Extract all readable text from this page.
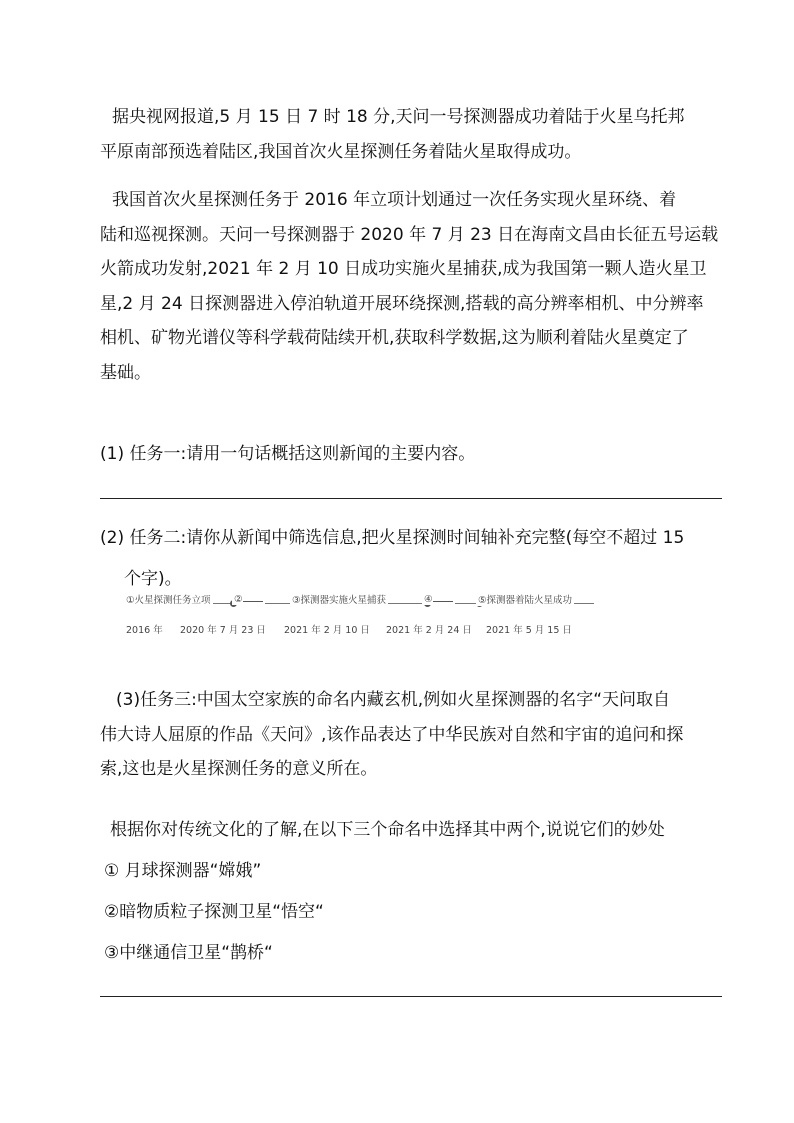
据央视网报道,5 月 15 日 7 时 18 分,天问一号探测器成功着陆于火星乌托邦
平原南部预选着陆区,我国首次火星探测任务着陆火星取得成功。
我国首次火星探测任务于 2016 年立项计划通过一次任务实现火星环绕、着
陆和巡视探测。天问一号探测器于 2020 年 7 月 23 日在海南文昌由长征五号运载
火箭成功发射,2021 年 2 月 10 日成功实施火星捕获,成为我国第一颗人造火星卫
星,2 月 24 日探测器进入停泊轨道开展环绕探测,搭载的高分辨率相机、中分辨率
相机、矿物光谱仪等科学载荷陆续开机,获取科学数据,这为顺利着陆火星奠定了
基础。

(1) 任务一:请用一句话概括这则新闻的主要内容。

(2) 任务二:请你从新闻中筛选信息,把火星探测时间轴补充完整(每空不超过 15

个字)。

①火星探测任务立项 ②	③探测器实施火星捕获	④	⑤探测器着陆火星成功
2016 年 2020 年 7 月 23 日 2021 年 2 月 10 日 2021 年 2 月 24 日 2021 年 5 月 15 日
(3)任务三:中国太空家族的命名内藏玄机,例如火星探测器的名字“天问取自
伟大诗人屈原的作品《天问》,该作品表达了中华民族对自然和宇宙的追问和探
索,这也是火星探测任务的意义所在。

根据你对传统文化的了解,在以下三个命名中选择其中两个,说说它们的妙处

① 月球探测器“嫦娥”
②暗物质粒子探测卫星“悟空“
③中继通信卫星“鹊桥“
